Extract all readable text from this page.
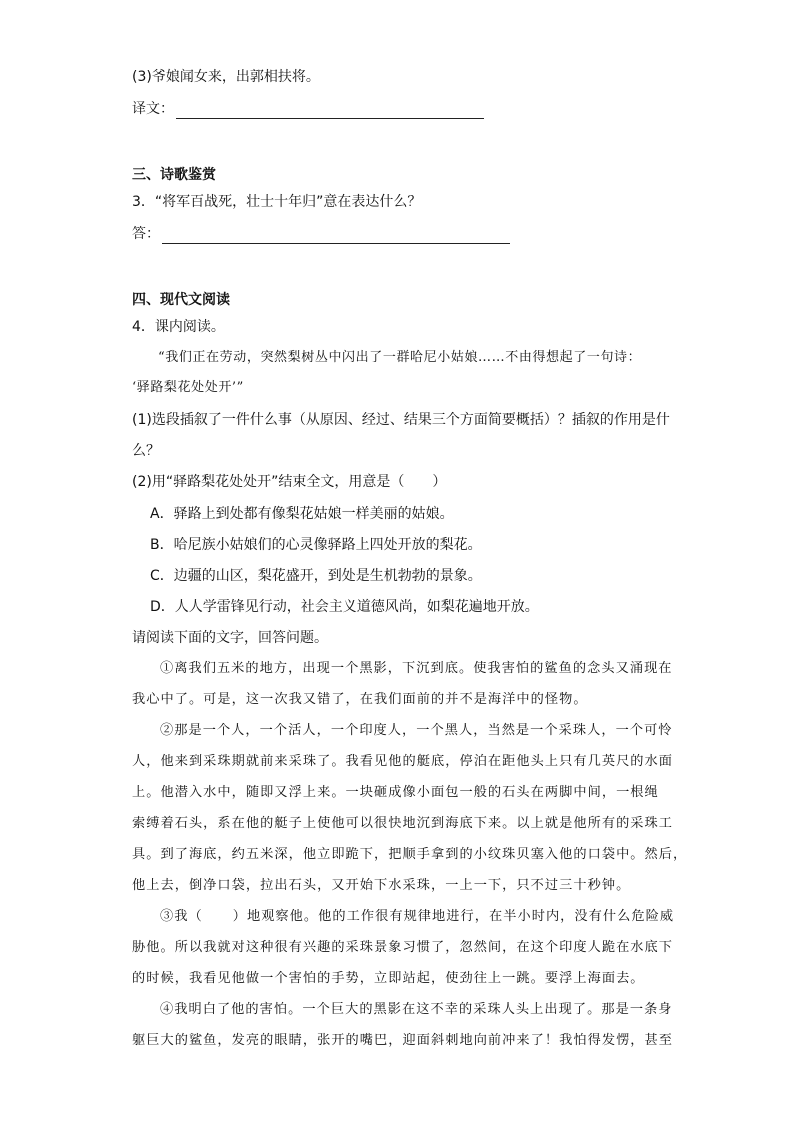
(3)爷娘闻女来，出郭相扶将。
译文：
三、诗歌鉴赏
3．“将军百战死，壮士十年归”意在表达什么？
答：
四、现代文阅读
4．课内阅读。
“我们正在劳动，突然梨树丛中闪出了一群哈尼小姑娘……不由得想起了一句诗：
‘驿路梨花处处开’”
(1)选段插叙了一件什么事（从原因、经过、结果三个方面简要概括）？插叙的作用是什
么？
(2)用“驿路梨花处处开”结束全文，用意是（ ）
A．驿路上到处都有像梨花姑娘一样美丽的姑娘。
B．哈尼族小姑娘们的心灵像驿路上四处开放的梨花。
C．边疆的山区，梨花盛开，到处是生机勃勃的景象。
D．人人学雷锋见行动，社会主义道德风尚，如梨花遍地开放。
请阅读下面的文字，回答问题。
①离我们五米的地方，出现一个黑影，下沉到底。使我害怕的鲨鱼的念头又涌现在
我心中了。可是，这一次我又错了，在我们面前的并不是海洋中的怪物。
②那是一个人，一个活人，一个印度人，一个黑人，当然是一个采珠人，一个可怜
人，他来到采珠期就前来采珠了。我看见他的艇底，停泊在距他头上只有几英尺的水面
上。他潜入水中，随即又浮上来。一块砸成像小面包一般的石头在两脚中间，一根绳
索缚着石头，系在他的艇子上使他可以很快地沉到海底下来。以上就是他所有的采珠工
具。到了海底，约五米深，他立即跪下，把顺手拿到的小纹珠贝塞入他的口袋中。然后，
他上去，倒净口袋，拉出石头，又开始下水采珠，一上一下，只不过三十秒钟。
③我（ ）地观察他。他的工作很有规律地进行，在半小时内，没有什么危险威
胁他。所以我就对这种很有兴趣的采珠景象习惯了，忽然间，在这个印度人跪在水底下
的时候，我看见他做一个害怕的手势，立即站起，使劲往上一跳。要浮上海面去。
④我明白了他的害怕。一个巨大的黑影在这不幸的采珠人头上出现了。那是一条身
躯巨大的鲨鱼，发亮的眼睛，张开的嘴巴，迎面斜刺地向前冲来了！我怕得发愣，甚至
